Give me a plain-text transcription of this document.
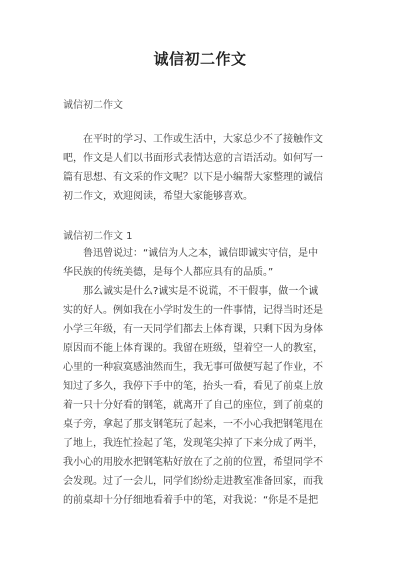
诚信初二作文
诚信初二作文
在平时的学习、工作或生活中，大家总少不了接触作文
吧，作文是人们以书面形式表情达意的言语活动。如何写一
篇有思想、有文采的作文呢？以下是小编帮大家整理的诚信
初二作文，欢迎阅读，希望大家能够喜欢。
诚信初二作文 1
鲁迅曾说过：“诚信为人之本，诚信即诚实守信，是中
华民族的传统美德，是每个人都应具有的品质。”
那么诚实是什么?诚实是不说谎，不干假事，做一个诚
实的好人。例如我在小学时发生的一件事情，记得当时还是
小学三年级，有一天同学们都去上体育课，只剩下因为身体
原因而不能上体育课的。我留在班级，望着空一人的教室，
心里的一种寂寞感油然而生，我无事可做便写起了作业，不
知过了多久，我停下手中的笔，抬头一看，看见了前桌上放
着一只十分好看的钢笔，就离开了自己的座位，到了前桌的
桌子旁，拿起了那支钢笔玩了起来，一不小心我把钢笔甩在
了地上，我连忙捡起了笔，发现笔尖掉了下来分成了两半，
我小心的用胶水把钢笔粘好放在了之前的位置，希望同学不
会发现。过了一会儿，同学们纷纷走进教室准备回家，而我
的前桌却十分仔细地看着手中的笔，对我说：“你是不是把
